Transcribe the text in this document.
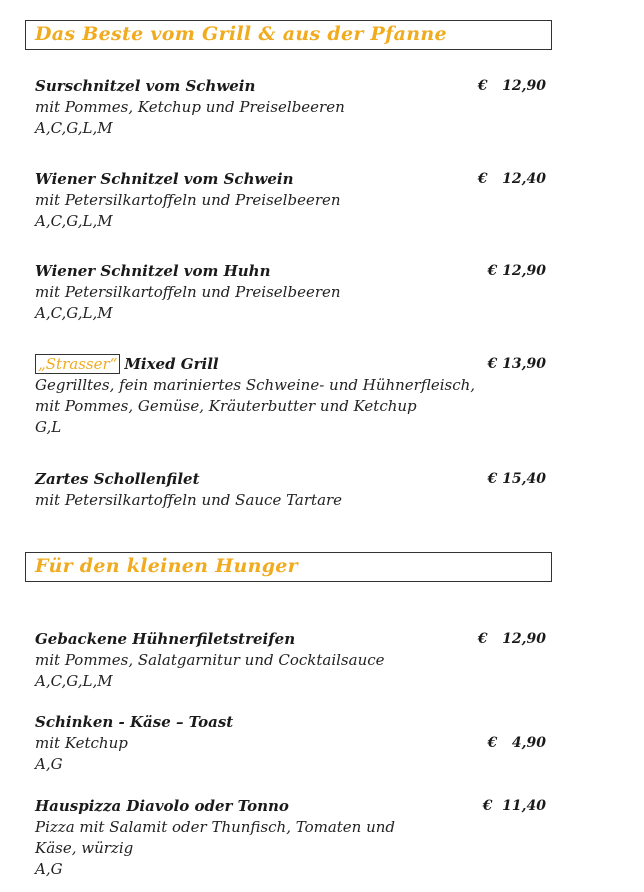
Das Beste vom Grill & aus der Pfanne
Surschnitzel vom Schwein	€   12,90
mit Pommes, Ketchup und Preiselbeeren
A,C,G,L,M
Wiener Schnitzel vom Schwein	€   12,40
mit Petersilkartoffeln und Preiselbeeren
A,C,G,L,M
Wiener Schnitzel vom Huhn	€ 12,90
mit Petersilkartoffeln und Preiselbeeren
A,C,G,L,M
„Strasser“ Mixed Grill	€ 13,90
Gegrilltes, fein mariniertes Schweine- und Hühnerfleisch,
mit Pommes, Gemüse, Kräuterbutter und Ketchup
G,L
Zartes Schollenfilet	€ 15,40
mit Petersilkartoffeln und Sauce Tartare
Für den kleinen Hunger
Gebackene Hühnerfiletstreifen	€   12,90
mit Pommes, Salatgarnitur und Cocktailsauce
A,C,G,L,M
Schinken - Käse – Toast
€   4,90
mit Ketchup
A,G
Hauspizza Diavolo oder Tonno	€  11,40
Pizza mit Salamit oder Thunfisch, Tomaten und
Käse, würzig
A,G
